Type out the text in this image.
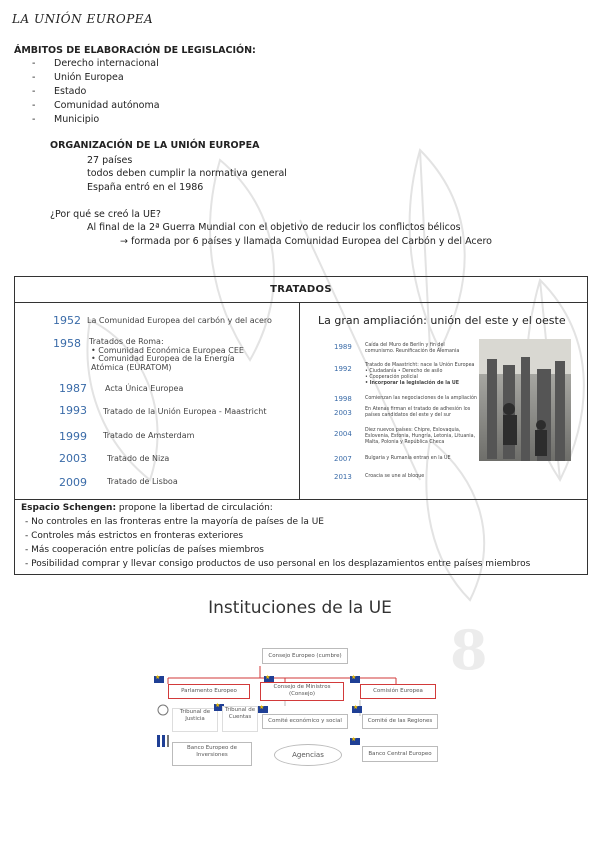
LA UNIÓN EUROPEA
ÁMBITOS DE ELABORACIÓN DE LEGISLACIÓN:
- Derecho internacional
- Unión Europea
- Estado
- Comunidad autónoma
- Municipio
ORGANIZACIÓN DE LA UNIÓN EUROPEA
27 países
todos deben cumplir la normativa general
España entró en el 1986
¿Por qué se creó la UE?
Al final de la 2ª Guerra Mundial con el objetivo de reducir los conflictos bélicos
→ formada por 6 países y llamada Comunidad Europea del Carbón y del Acero
TRATADOS
1952 La Comunidad Europea del carbón y del acero
1958 Tratados de Roma:
• Comunidad Económica Europea CEE
• Comunidad Europea de la Energía Atómica (EURATOM)
1987 Acta Única Europea
1993 Tratado de la Unión Europea - Maastricht
1999 Tratado de Amsterdam
2003	Tratado de Niza
2009	Tratado de Lisboa
La gran ampliación: unión del este y el oeste
1989	Caída del Muro de Berlín y fin del comunismo. Reunificación de Alemania
1992	Tratado de Maastricht: nace la Unión Europea
• Ciudadanía • Derecho de asilo
• Cooperación policial
• Incorporar la legislación de la UE
1998	Comienzan las negociaciones de la ampliación
2003	En Atenas firman el tratado de adhesión los países candidatos del este y del sur
2004	Diez nuevos países: Chipre, Eslovaquia, Eslovenia, Estonia, Hungría, Letonia, Lituania, Malta, Polonia y República Checa
2007	Bulgaria y Rumanía entran en la UE
2013	Croacia se une al bloque
Espacio Schengen: propone la libertad de circulación:
- No controles en las fronteras entre la mayoría de países de la UE
- Controles más estrictos en fronteras exteriores
- Más cooperación entre policías de países miembros
- Posibilidad comprar y llevar consigo productos de uso personal en los desplazamientos entre países miembros
Instituciones de la UE
8
Consejo Europeo (cumbre)
★
Parlamento Europeo
★
Consejo de Ministros (Consejo)
★	Comisión Europea
Tribunal de Justicia
★
Tribunal de Cuentas
★
Comité económico y social
★	Comité de las Regiones
Banco Europeo de Inversiones	Agencias
★	Banco Central Europeo
